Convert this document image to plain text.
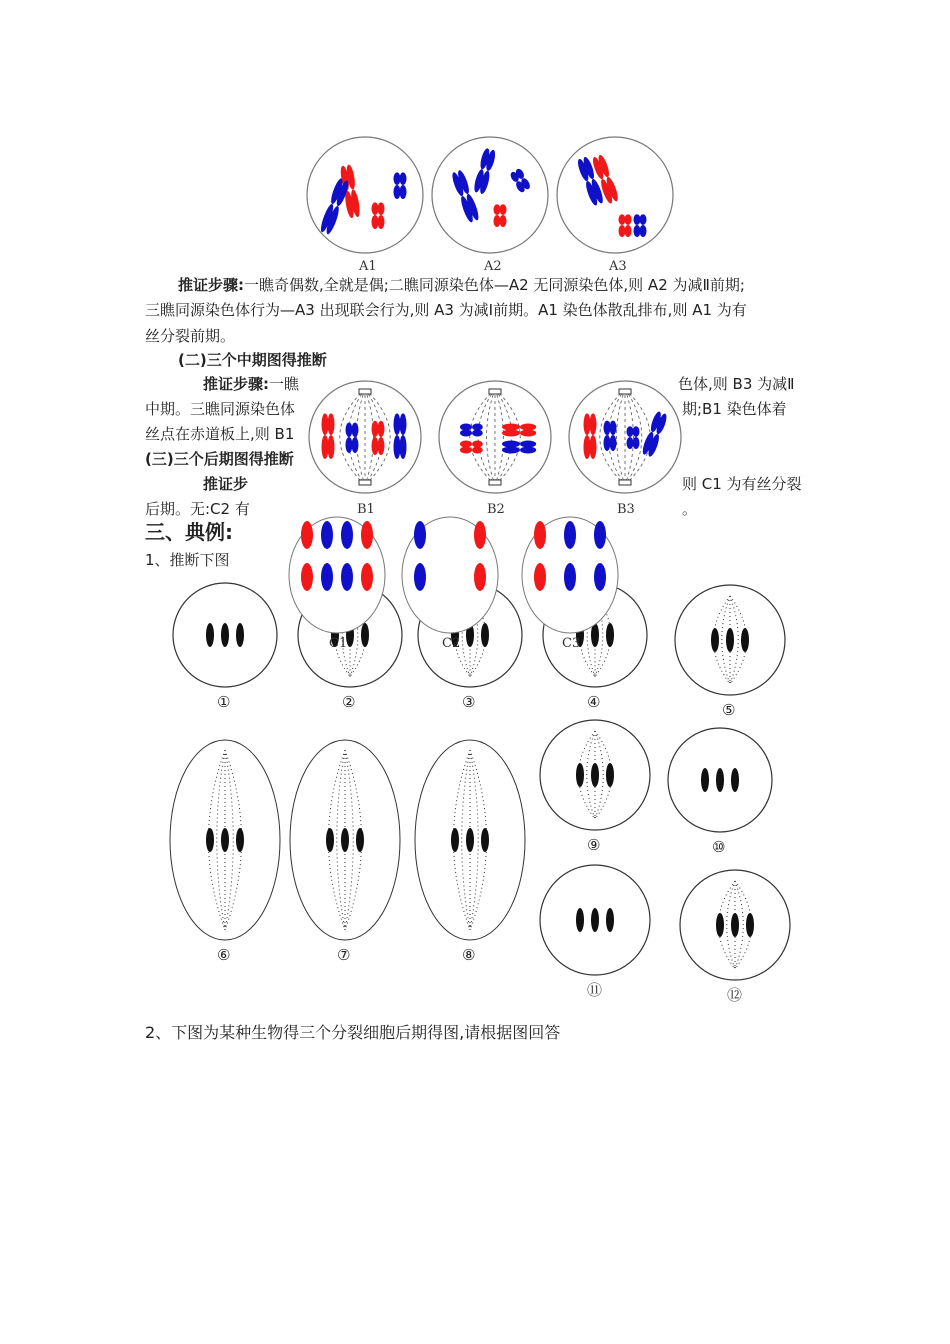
A1	A2	A3
推证步骤:一瞧奇偶数,全就是偶;二瞧同源染色体—A2 无同源染色体,则 A2 为减Ⅱ前期;
三瞧同源染色体行为—A3 出现联会行为,则 A3 为减Ⅰ前期。A1 染色体散乱排布,则 A1 为有
丝分裂前期。
(二)三个中期图得推断
推证步骤:一瞧	色体,则 B3 为减Ⅱ
中期。三瞧同源染色体	期;B1 染色体着
丝点在赤道板上,则 B1
(三)三个后期图得推断
推证步	则 C1 为有丝分裂
后期。无:C2 有	。
三、典例:
1、推断下图
①	②	③	④	⑤
⑥	⑦	⑧
⑨	⑩
⑪	⑫
B1	B2	B3
C1	C2	C3
2、下图为某种生物得三个分裂细胞后期得图,请根据图回答
